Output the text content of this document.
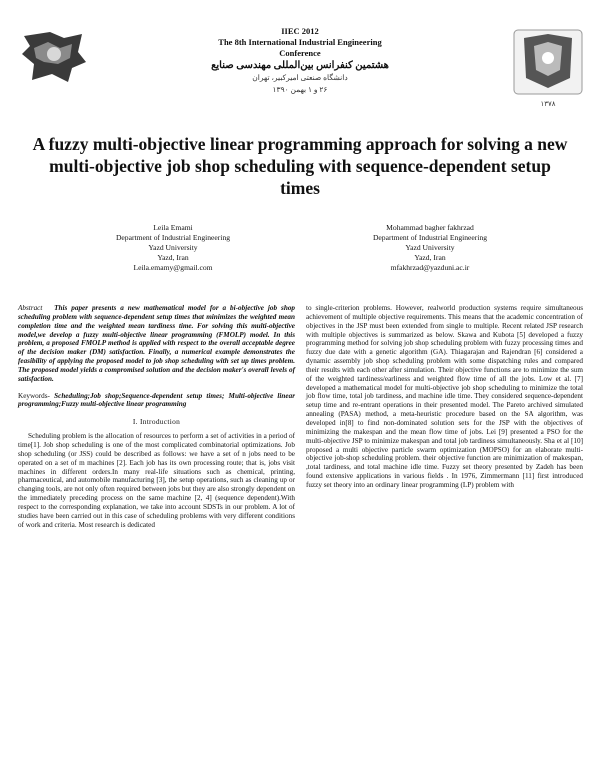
IIEC 2012
The 8th International Industrial Engineering
Conference
هشتمین کنفرانس بین‌المللی مهندسی صنایع
دانشگاه صنعتی امیرکبیر، تهران
۲۶ و ۱ بهمن ۱۳۹۰
۱۳۷۸
A fuzzy multi-objective linear programming approach for solving a new multi-objective job shop scheduling with sequence-dependent setup times
Leila Emami
Department of Industrial Engineering
Yazd University
Yazd, Iran
Leila.emamy@gmail.com
Mohammad bagher fakhrzad
Department of Industrial Engineering
Yazd University
Yazd, Iran
mfakhrzad@yazduni.ac.ir

Abstract This paper presents a new mathematical model for a bi-objective job shop scheduling problem with sequence-dependent setup times that minimizes the weighted mean completion time and the weighted mean tardiness time. For solving this multi-objective model,we develop a fuzzy multi-objective linear programming (FMOLP) model. In this problem, a proposed FMOLP method is applied with respect to the overall acceptable degree of the decision maker (DM) satisfaction. Finally, a numerical example demonstrates the feasibility of applying the proposed model to job shop scheduling with set up times problem. The proposed model yields a compromised solution and the decision maker's overall levels of satisfaction.

Keywords- Scheduling;Job shop;Sequence-dependent setup times; Multi-objective linear programming;Fuzzy multi-objective linear programming

I. Introduction

Scheduling problem is the allocation of resources to perform a set of activities in a period of time[1]. Job shop scheduling is one of the most complicated combinatorial optimizations. Job shop scheduling (or JSS) could be described as follows: we have a set of n jobs need to be operated on a set of m machines [2]. Each job has its own processing route; that is, jobs visit machines in different orders.In many real-life situations such as chemical, printing, pharmaceutical, and automobile manufacturing [3], the setup operations, such as cleaning up or changing tools, are not only often required between jobs but they are also strongly dependent on the immediately preceding process on the same machine [2, 4] (sequence dependent).With respect to the corresponding explanation, we take into account SDSTs in our problem. A lot of studies have been carried out in this case of scheduling problems with very different conditions of work and criteria. Most research is dedicated

to single-criterion problems. However, realworld production systems require simultaneous achievement of multiple objective requirements. This means that the academic concentration of objectives in the JSP must been extended from single to multiple. Recent related JSP research with multiple objectives is summarized as below. Skawa and Kubota [5] developed a fuzzy programming method for solving job shop scheduling problem with fuzzy processing times and fuzzy due date with a genetic algorithm (GA). Thiagarajan and Rajendran [6] considered a dynamic assembly job shop scheduling problem with some dispatching rules and compared their results with each other after simulation. Their objective functions are to minimize the sum of the weighted tardiness/earliness and weighted flow time of all the jobs. Low et al. [7] developed a mathematical model for multi-objective job shop scheduling to minimize the total job flow time, total job tardiness, and machine idle time. They considered sequence-dependent setup time and re-entrant operations in their presented model. The Pareto archived simulated annealing (PASA) method, a meta-heuristic procedure based on the SA algorithm, was developed in[8] to find non-dominated solution sets for the JSP with the objectives of minimizing the makespan and the mean flow time of jobs. Lei [9] presented a PSO for the multi-objective JSP to minimize makespan and total job tardiness simultaneously. Sha et al [10] proposed a multi objective particle swarm optimization (MOPSO) for an elaborate multi-objective job-shop scheduling problem. their objective function are minimization of makespan, ,total tardiness, and total machine idle time. Fuzzy set theory presented by Zadeh has been found extensive applications in various fields . In 1976, Zimmermann [11] first introduced fuzzy set theory into an ordinary linear programming (LP) problem with
